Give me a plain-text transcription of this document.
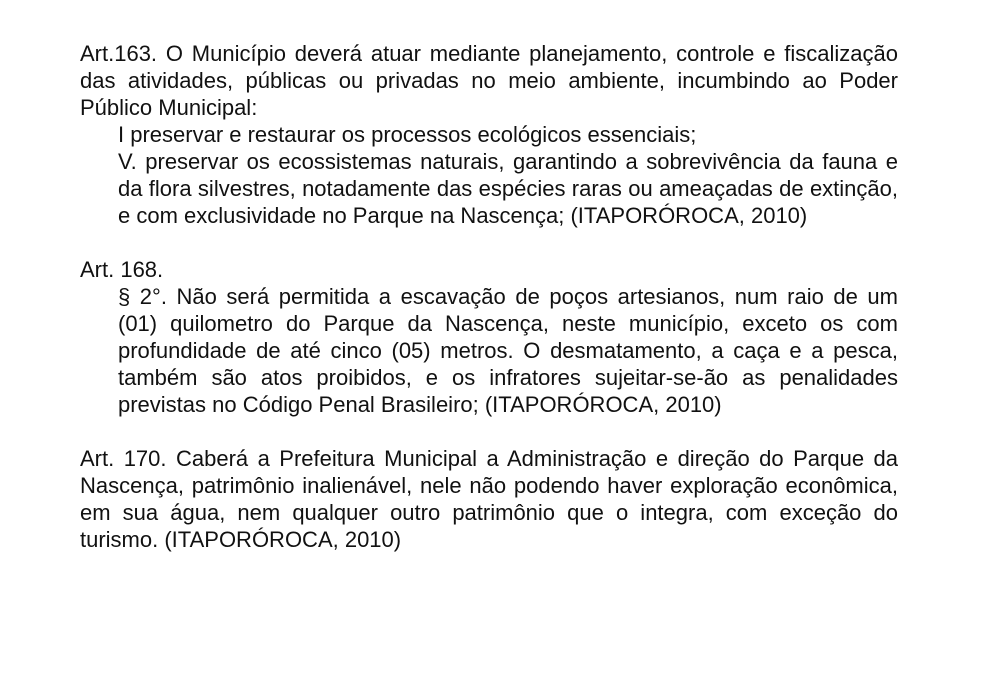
Art.163. O Município deverá atuar mediante planejamento, controle e fiscalização das atividades, públicas ou privadas no meio ambiente, incumbindo ao Poder Público Municipal:
I preservar e restaurar os processos ecológicos essenciais;
V. preservar os ecossistemas naturais, garantindo a sobrevivência da fauna e da flora silvestres, notadamente das espécies raras ou ameaçadas de extinção, e com exclusividade no Parque na Nascença; (ITAPORÓROCA, 2010)
Art. 168.
§ 2°. Não será permitida a escavação de poços artesianos, num raio de um (01) quilometro do Parque da Nascença, neste município, exceto os com profundidade de até cinco (05) metros. O desmatamento, a caça e a pesca, também são atos proibidos, e os infratores sujeitar-se-ão as penalidades previstas no Código Penal Brasileiro; (ITAPORÓROCA, 2010)
Art. 170. Caberá a Prefeitura Municipal a Administração e direção do Parque da Nascença, patrimônio inalienável, nele não podendo haver exploração econômica, em sua água, nem qualquer outro patrimônio que o integra, com exceção do turismo. (ITAPORÓROCA, 2010)
